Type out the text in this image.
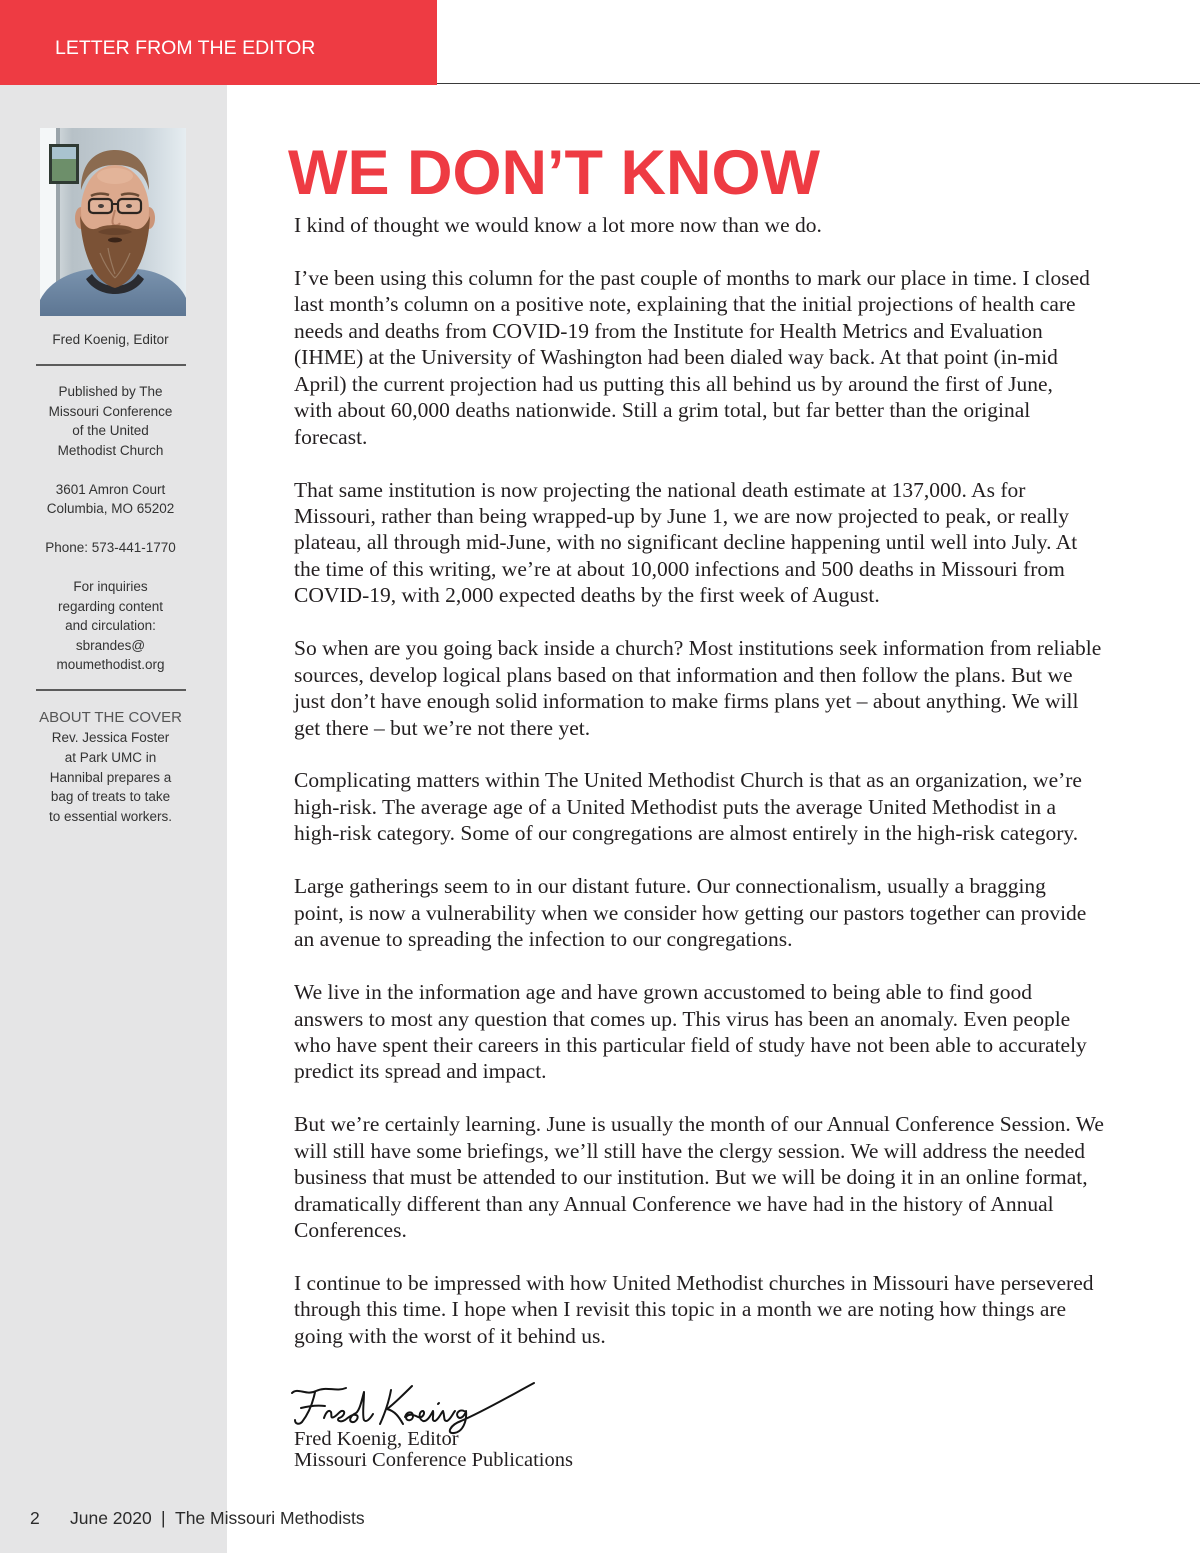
LETTER FROM THE EDITOR
Fred Koenig, Editor
Published by The
Missouri Conference
of the United
Methodist Church
3601 Amron Court
Columbia, MO 65202
Phone: 573-441-1770
For inquiries
regarding content
and circulation:
sbrandes@
moumethodist.org
ABOUT THE COVER
Rev. Jessica Foster
at Park UMC in
Hannibal prepares a
bag of treats to take
to essential workers.
WE DON’T KNOW

I kind of thought we would know a lot more now than we do.

I’ve been using this column for the past couple of months to mark our place in time. I closed
last month’s column on a positive note, explaining that the initial projections of health care
needs and deaths from COVID-19 from the Institute for Health Metrics and Evaluation
(IHME) at the University of Washington had been dialed way back. At that point (in-mid
April) the current projection had us putting this all behind us by around the first of June,
with about 60,000 deaths nationwide. Still a grim total, but far better than the original
forecast.

That same institution is now projecting the national death estimate at 137,000. As for
Missouri, rather than being wrapped-up by June 1, we are now projected to peak, or really
plateau, all through mid-June, with no significant decline happening until well into July. At
the time of this writing, we’re at about 10,000 infections and 500 deaths in Missouri from
COVID-19, with 2,000 expected deaths by the first week of August.

So when are you going back inside a church? Most institutions seek information from reliable
sources, develop logical plans based on that information and then follow the plans. But we
just don’t have enough solid information to make firms plans yet – about anything. We will
get there – but we’re not there yet.

Complicating matters within The United Methodist Church is that as an organization, we’re
high-risk. The average age of a United Methodist puts the average United Methodist in a
high-risk category. Some of our congregations are almost entirely in the high-risk category.

Large gatherings seem to in our distant future. Our connectionalism, usually a bragging
point, is now a vulnerability when we consider how getting our pastors together can provide
an avenue to spreading the infection to our congregations.

We live in the information age and have grown accustomed to being able to find good
answers to most any question that comes up. This virus has been an anomaly. Even people
who have spent their careers in this particular field of study have not been able to accurately
predict its spread and impact.

But we’re certainly learning. June is usually the month of our Annual Conference Session. We
will still have some briefings, we’ll still have the clergy session. We will address the needed
business that must be attended to our institution. But we will be doing it in an online format,
dramatically different than any Annual Conference we have had in the history of Annual
Conferences.

I continue to be impressed with how United Methodist churches in Missouri have persevered
through this time. I hope when I revisit this topic in a month we are noting how things are
going with the worst of it behind us.

Fred Koenig, Editor
Missouri Conference Publications
2 June 2020 | The Missouri Methodists
